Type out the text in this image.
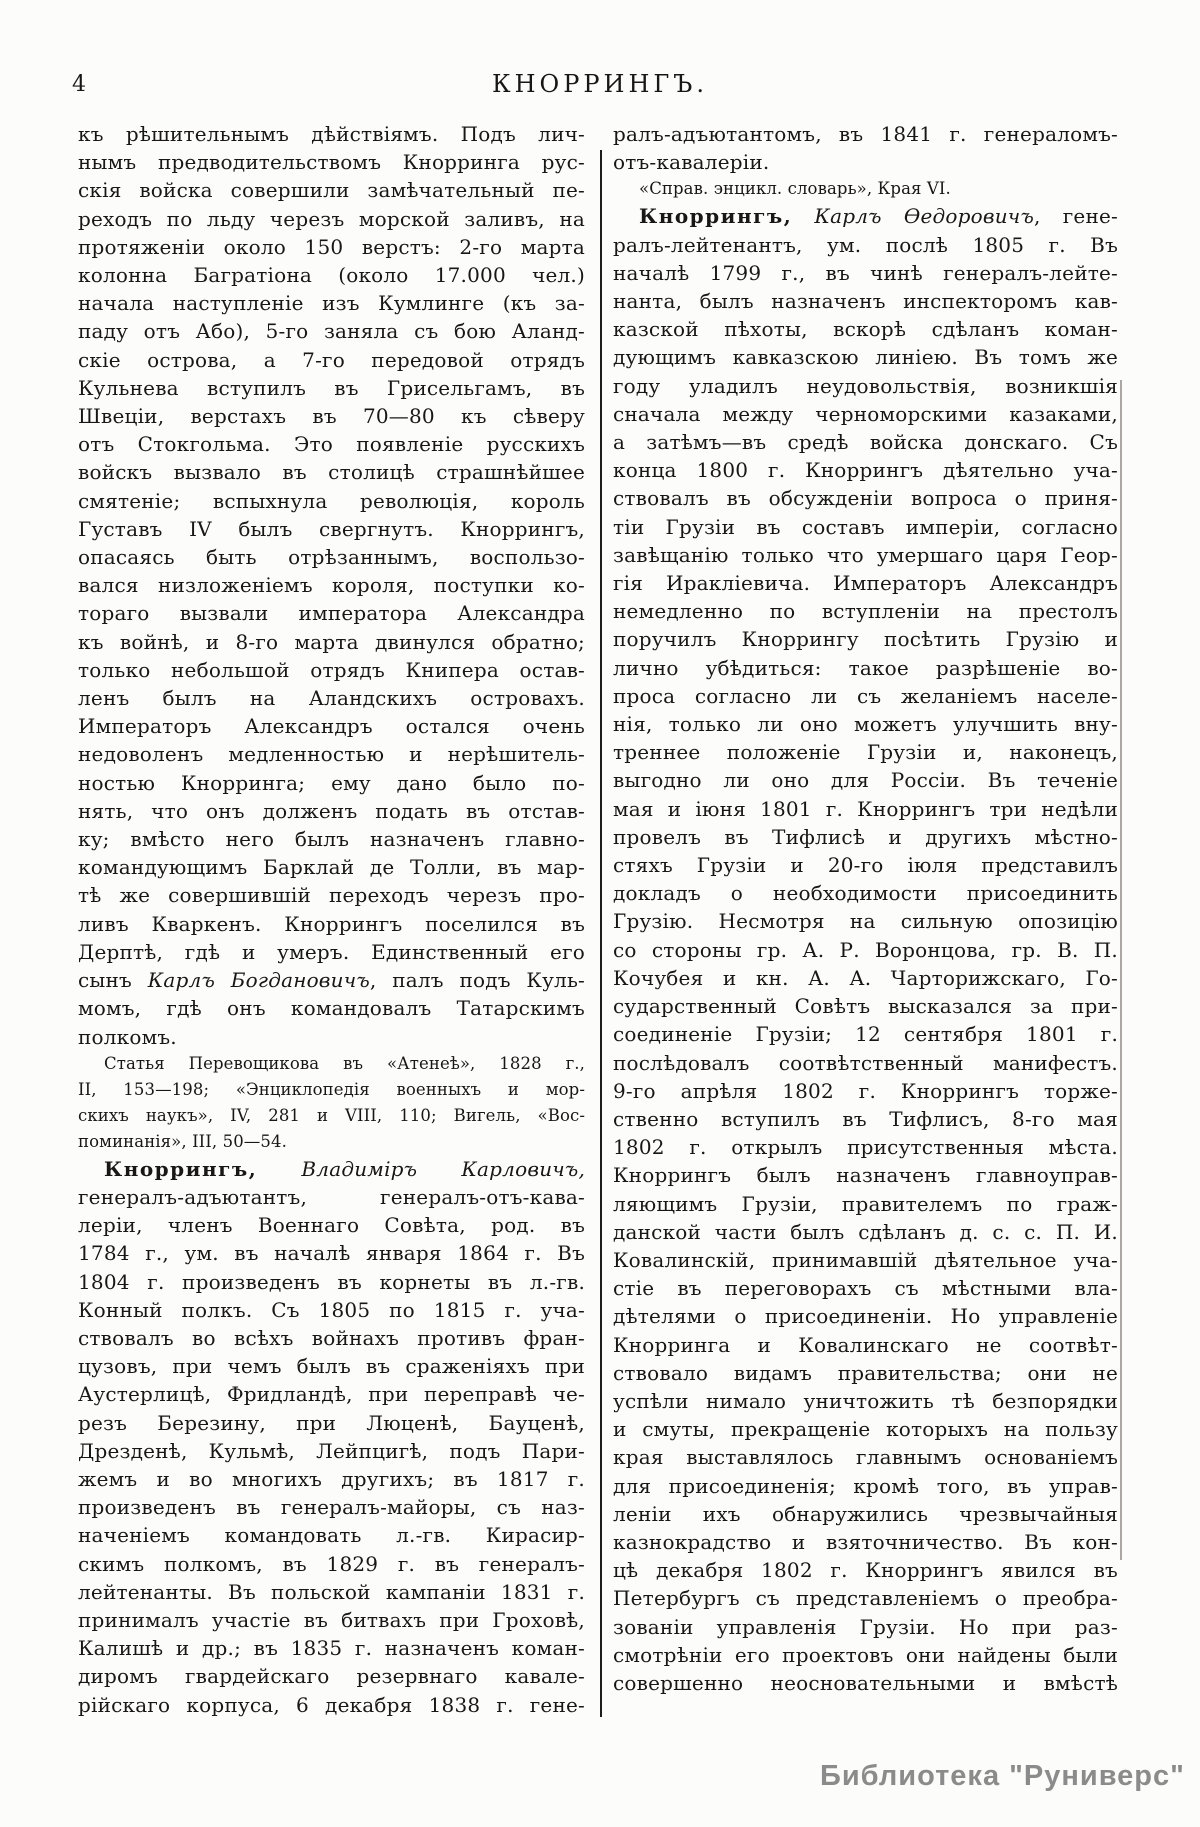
4	КНОРРИНГЪ.
къ рѣшительнымъ дѣйствіямъ. Подъ лич-
нымъ предводительствомъ Кнорринга рус-
скія войска совершили замѣчательный пе-
реходъ по льду черезъ морской заливъ, на
протяженіи около 150 верстъ: 2-го марта
колонна Багратіона (около 17.000 чел.)
начала наступленіе изъ Кумлинге (къ за-
паду отъ Або), 5-го заняла съ бою Аланд-
скіе острова, а 7-го передовой отрядъ
Кульнева вступилъ въ Грисельгамъ, въ
Швеціи, верстахъ въ 70—80 къ сѣверу
отъ Стокгольма. Это появленіе русскихъ
войскъ вызвало въ столицѣ страшнѣйшее
смятеніе; вспыхнула революція, король
Густавъ IV былъ свергнутъ. Кноррингъ,
опасаясь быть отрѣзаннымъ, воспользо-
вался низложеніемъ короля, поступки ко-
тораго вызвали императора Александра
къ войнѣ, и 8-го марта двинулся обратно;
только небольшой отрядъ Книпера остав-
ленъ былъ на Аландскихъ островахъ.
Императоръ Александръ остался очень
недоволенъ медленностью и нерѣшитель-
ностью Кнорринга; ему дано было по-
нять, что онъ долженъ подать въ отстав-
ку; вмѣсто него былъ назначенъ главно-
командующимъ Барклай де Толли, въ мар-
тѣ же совершившій переходъ черезъ про-
ливъ Кваркенъ. Кноррингъ поселился въ
Дерптѣ, гдѣ и умеръ. Единственный его
сынъ Карлъ Богдановичъ, палъ подъ Куль-
момъ, гдѣ онъ командовалъ Татарскимъ
полкомъ.
Статья Перевощикова въ «Атенеѣ», 1828 г.,
II, 153—198; «Энциклопедія военныхъ и мор-
скихъ наукъ», IV, 281 и VIII, 110; Вигель, «Вос-
поминанія», III, 50—54.
Кноррингъ, Владиміръ Карловичъ,
генералъ-адъютантъ, генералъ-отъ-кава-
леріи, членъ Военнаго Совѣта, род. въ
1784 г., ум. въ началѣ января 1864 г. Въ
1804 г. произведенъ въ корнеты въ л.-гв.
Конный полкъ. Съ 1805 по 1815 г. уча-
ствовалъ во всѣхъ войнахъ противъ фран-
цузовъ, при чемъ былъ въ сраженіяхъ при
Аустерлицѣ, Фридландѣ, при переправѣ че-
резъ Березину, при Люценѣ, Бауценѣ,
Дрезденѣ, Кульмѣ, Лейпцигѣ, подъ Пари-
жемъ и во многихъ другихъ; въ 1817 г.
произведенъ въ генералъ-майоры, съ наз-
наченіемъ командовать л.-гв. Кирасир-
скимъ полкомъ, въ 1829 г. въ генералъ-
лейтенанты. Въ польской кампаніи 1831 г.
принималъ участіе въ битвахъ при Гроховѣ,
Калишѣ и др.; въ 1835 г. назначенъ коман-
диромъ гвардейскаго резервнаго кавале-
рійскаго корпуса, 6 декабря 1838 г. гене-
ралъ-адъютантомъ, въ 1841 г. генераломъ-
отъ-кавалеріи.
«Справ. энцикл. словарь», Края VI.
Кноррингъ, Карлъ Ѳедоровичъ, гене-
ралъ-лейтенантъ, ум. послѣ 1805 г. Въ
началѣ 1799 г., въ чинѣ генералъ-лейте-
нанта, былъ назначенъ инспекторомъ кав-
казской пѣхоты, вскорѣ сдѣланъ коман-
дующимъ кавказскою линіею. Въ томъ же
году уладилъ неудовольствія, возникшія
сначала между черноморскими казаками,
а затѣмъ—въ средѣ войска донскаго. Съ
конца 1800 г. Кноррингъ дѣятельно уча-
ствовалъ въ обсужденіи вопроса о приня-
тіи Грузіи въ составъ имперіи, согласно
завѣщанію только что умершаго царя Геор-
гія Иракліевича. Императоръ Александръ
немедленно по вступленіи на престолъ
поручилъ Кноррингу посѣтить Грузію и
лично убѣдиться: такое разрѣшеніе во-
проса согласно ли съ желаніемъ населе-
нія, только ли оно можетъ улучшить вну-
треннее положеніе Грузіи и, наконецъ,
выгодно ли оно для Россіи. Въ теченіе
мая и іюня 1801 г. Кноррингъ три недѣли
провелъ въ Тифлисѣ и другихъ мѣстно-
стяхъ Грузіи и 20-го іюля представилъ
докладъ о необходимости присоединить
Грузію. Несмотря на сильную опозицію
со стороны гр. А. Р. Воронцова, гр. В. П.
Кочубея и кн. А. А. Чарторижскаго, Го-
сударственный Совѣтъ высказался за при-
соединеніе Грузіи; 12 сентября 1801 г.
послѣдовалъ соотвѣтственный манифестъ.
9-го апрѣля 1802 г. Кноррингъ торже-
ственно вступилъ въ Тифлисъ, 8-го мая
1802 г. открылъ присутственныя мѣста.
Кноррингъ былъ назначенъ главноуправ-
ляющимъ Грузіи, правителемъ по граж-
данской части былъ сдѣланъ д. с. с. П. И.
Ковалинскій, принимавшій дѣятельное уча-
стіе въ переговорахъ съ мѣстными вла-
дѣтелями о присоединеніи. Но управленіе
Кнорринга и Ковалинскаго не соотвѣт-
ствовало видамъ правительства; они не
успѣли нимало уничтожить тѣ безпорядки
и смуты, прекращеніе которыхъ на пользу
края выставлялось главнымъ основаніемъ
для присоединенія; кромѣ того, въ управ-
леніи ихъ обнаружились чрезвычайныя
казнокрадство и взяточничество. Въ кон-
цѣ декабря 1802 г. Кноррингъ явился въ
Петербургъ съ представленіемъ о преобра-
зованіи управленія Грузіи. Но при раз-
смотрѣніи его проектовъ они найдены были
совершенно неосновательными и вмѣстѣ
Библиотека "Руниверс"
